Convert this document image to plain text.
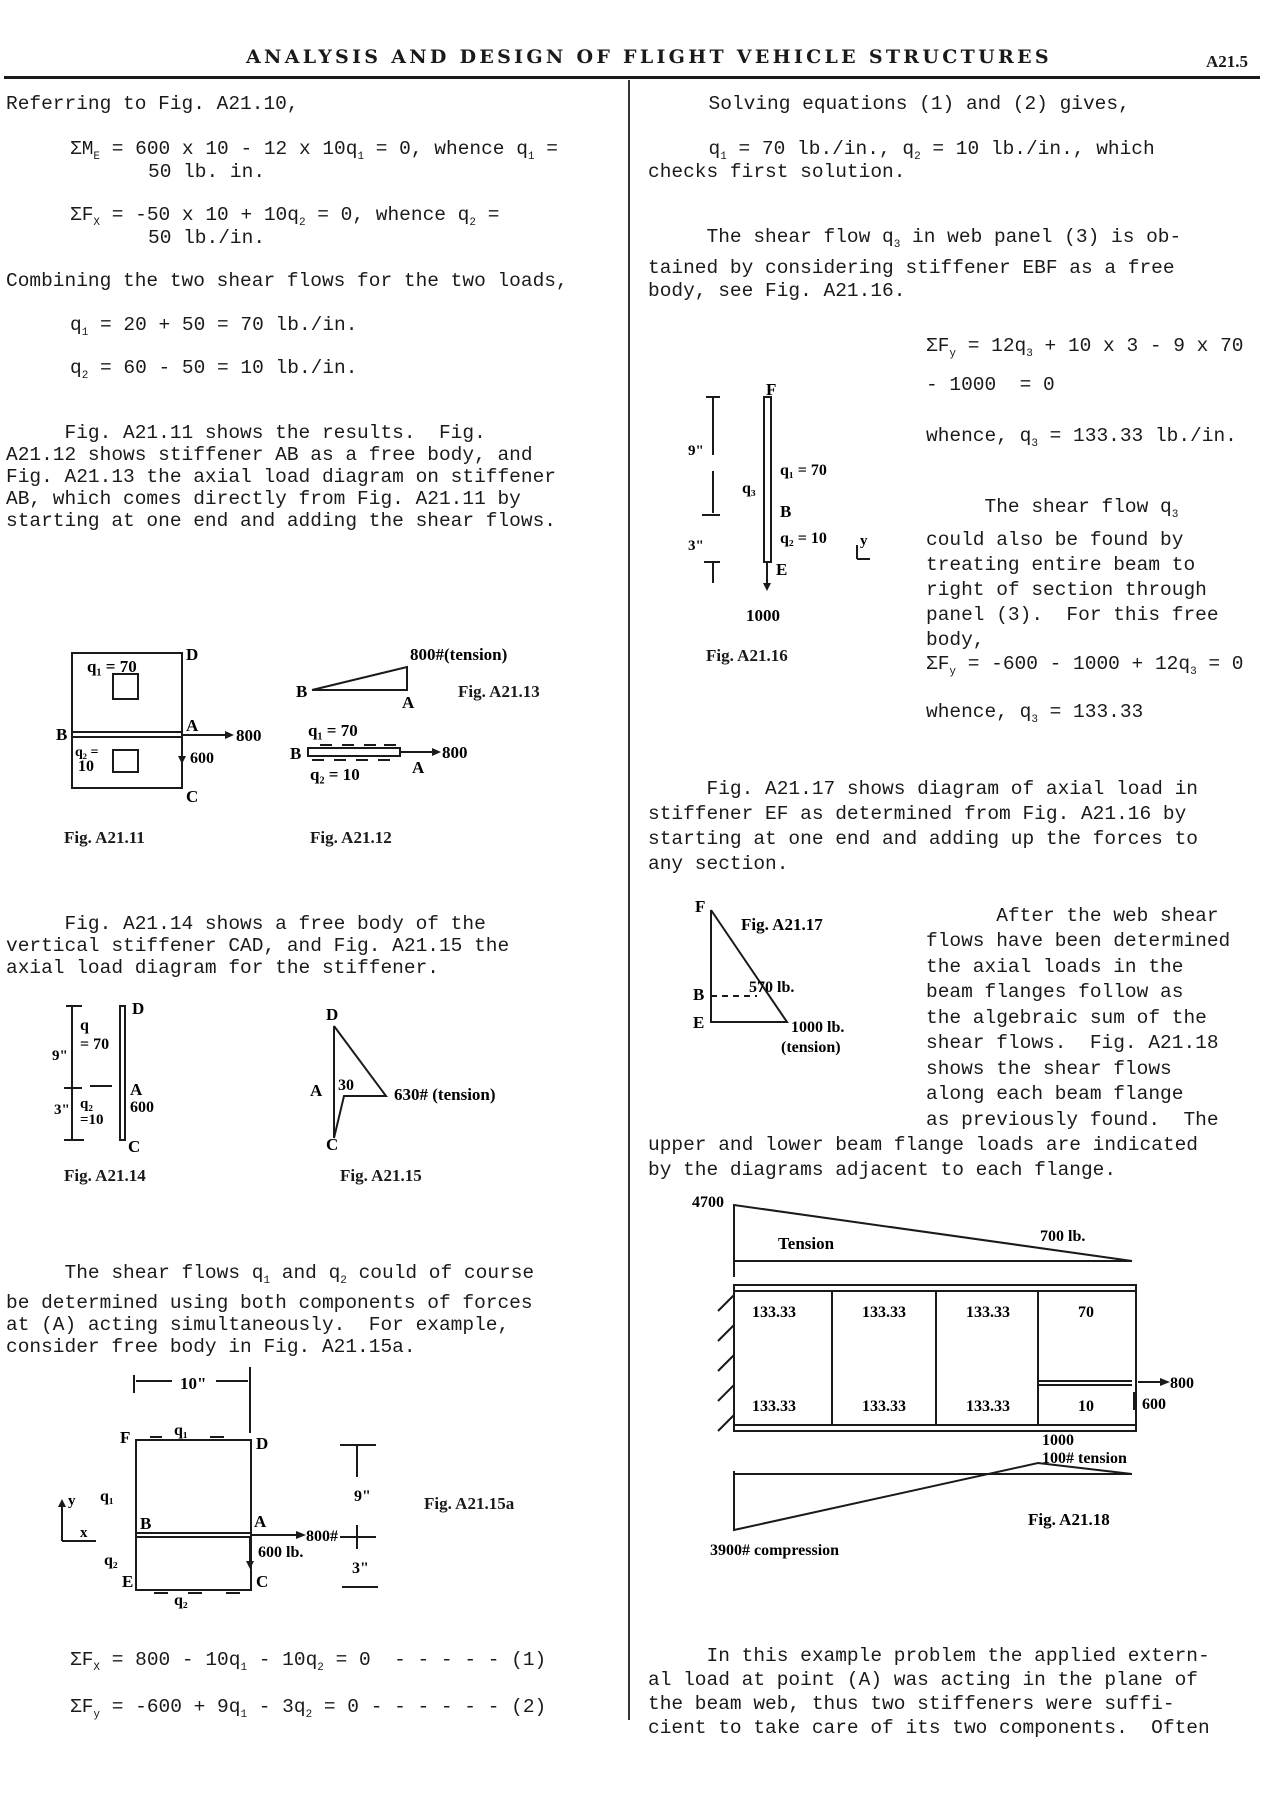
ANALYSIS AND DESIGN OF FLIGHT VEHICLE STRUCTURES	A21.5
Referring to Fig. A21.10,
$\Sigma M_E = 600$ x 10 - 12 x $10q_1 = 0$, whence $q_1$ =
50 lb. in.
$\Sigma F_X = -50$ x $10 + 10q_2 = 0$, whence $q_2$ =
50 lb./in.
Combining the two shear flows for the two loads,
$q_1 = 20 + 50 = 70$ lb./in.
$q_2 = 60 - 50 = 10$ lb./in.

Fig. A21.11 shows the results.  Fig.
A21.12 shows stiffener AB as a free body, and
Fig. A21.13 the axial load diagram on stiffener
AB, which comes directly from Fig. A21.11 by
starting at one end and adding the shear flows.

q₁ = 70
D
B	A
800
600
q₂ =
10
C
Fig. A21.11
800#(tension)
B
A
Fig. A21.13
q₁ = 70
B	800
A
q₂ = 10
Fig. A21.12

Fig. A21.14 shows a free body of the
vertical stiffener CAD, and Fig. A21.15 the
axial load diagram for the stiffener.

D
q
= 70
9"
A
600
3" q₂
=10
C
Fig. A21.14
D
A 30 630# (tension)
C
Fig. A21.15

The shear flows $q_1$ and $q_2$ could of course
be determined using both components of forces
at (A) acting simultaneously.  For example,
consider free body in Fig. A21.15a.

10"
F	q₁
D
q₁
y
x	B	A
800#
600 lb.
q₂
E	C
q₂
9"
3"
Fig. A21.15a
$\Sigma F_X = 800 - 10q_1 - 10q_2 = 0$  - - - - - (1)
$\Sigma F_y = -600 + 9q_1 - 3q_2 = 0$ - - - - - - (2)
Solving equations (1) and (2) gives,
$q_1 = 70$ lb./in., $q_2 = 10$ lb./in., which
checks first solution.

The shear flow $q_3$ in web panel (3) is ob-
tained by considering stiffener EBF as a free
body, see Fig. A21.16.

$\Sigma F_y = 12q_3 + 10$ x 3 - 9 x 70
- 1000  = 0
whence, $q_3 = 133.33$ lb./in.

The shear flow $q_3$
could also be found by
treating entire beam to
right of section through
panel (3).  For this free
body,

$\Sigma F_y = -600 - 1000 + 12q_3 = 0$
whence, $q_3 = 133.33$
F
9"
q₃
q₁ = 70
B
q₂ = 10 y
3"
E
1000
Fig. A21.16

Fig. A21.17 shows diagram of axial load in
stiffener EF as determined from Fig. A21.16 by
starting at one end and adding up the forces to
any section.

F
Fig. A21.17
B	570 lb.
E	1000 lb.
(tension)

After the web shear
flows have been determined
the axial loads in the
beam flanges follow as
the algebraic sum of the
shear flows.  Fig. A21.18
shows the shear flows
along each beam flange
as previously found.  The

upper and lower beam flange loads are indicated
by the diagrams adjacent to each flange.

4700
Tension	700 lb.
133.33	133.33	133.33	70
133.33	133.33	133.33	10
800
600
1000
100# tension
3900# compression
Fig. A21.18

In this example problem the applied extern-
al load at point (A) was acting in the plane of
the beam web, thus two stiffeners were suffi-
cient to take care of its two components.  Often
